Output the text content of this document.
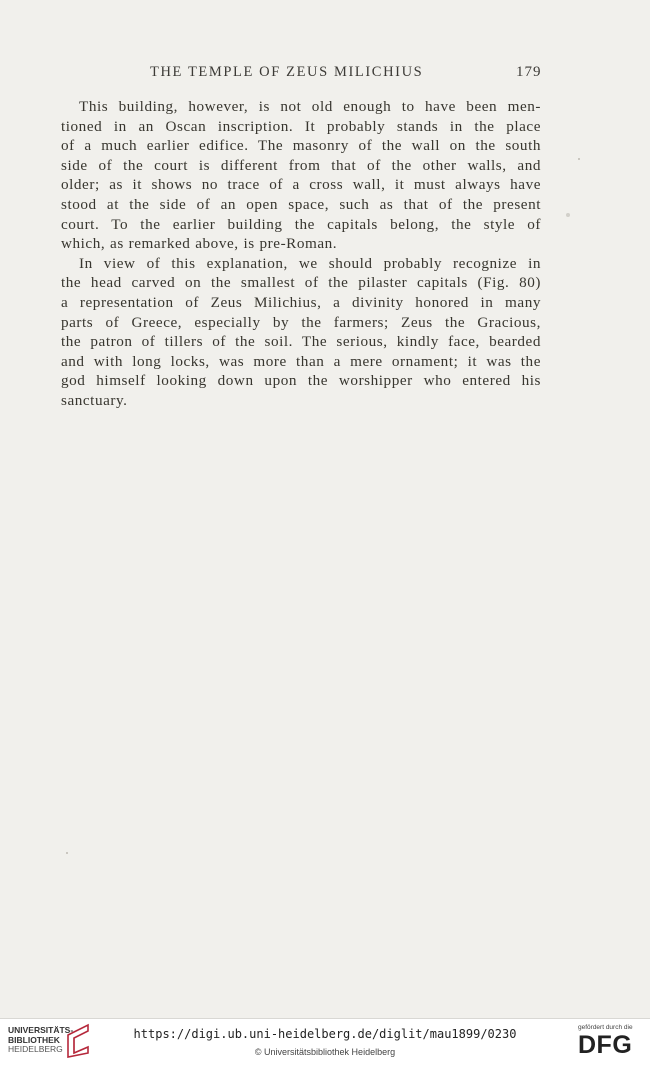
THE TEMPLE OF ZEUS MILICHIUS	179
This building, however, is not old enough to have been men-
tioned in an Oscan inscription. It probably stands in the place
of a much earlier edifice. The masonry of the wall on the south
side of the court is different from that of the other walls, and
older; as it shows no trace of a cross wall, it must always have
stood at the side of an open space, such as that of the present
court. To the earlier building the capitals belong, the style of
which, as remarked above, is pre-Roman.
In view of this explanation, we should probably recognize in
the head carved on the smallest of the pilaster capitals (Fig. 80)
a representation of Zeus Milichius, a divinity honored in many
parts of Greece, especially by the farmers; Zeus the Gracious,
the patron of tillers of the soil. The serious, kindly face, bearded
and with long locks, was more than a mere ornament; it was the
god himself looking down upon the worshipper who entered his
sanctuary.
UNIVERSITÄTS-
BIBLIOTHEK
HEIDELBERG
https://digi.ub.uni-heidelberg.de/diglit/mau1899/0230
© Universitätsbibliothek Heidelberg
gefördert durch die
DFG
